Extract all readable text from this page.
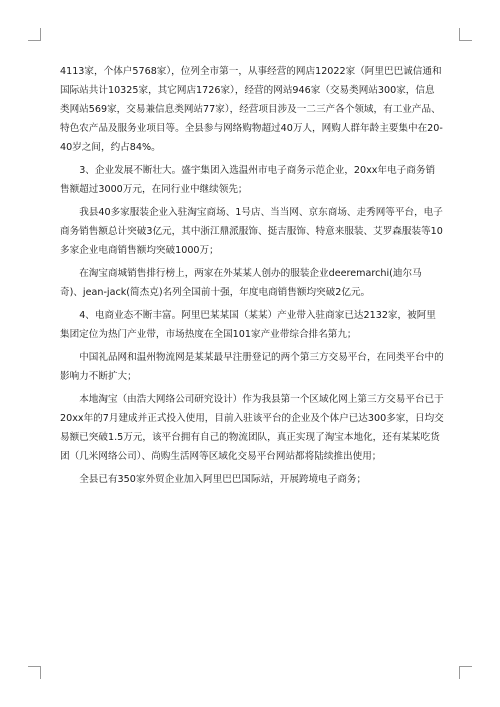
4113家，个体户5768家），位列全市第一，从事经营的网店12022家（阿里巴巴诚信通和国际站共计10325家，其它网店1726家），经营的网站946家（交易类网站300家，信息类网站569家，交易兼信息类网站77家），经营项目涉及一二三产各个领域，有工业产品、特色农产品及服务业项目等。全县参与网络购物超过40万人，网购人群年龄主要集中在20-40岁之间，约占84%。

3、企业发展不断壮大。盛宇集团入选温州市电子商务示范企业，20xx年电子商务销售额超过3000万元，在同行业中继续领先；

我县40多家服装企业入驻淘宝商场、1号店、当当网、京东商场、走秀网等平台，电子商务销售额总计突破3亿元，其中浙江鼎派服饰、挺吉服饰、特意来服装、艾罗森服装等10多家企业电商销售额均突破1000万；

在淘宝商城销售排行榜上，两家在外某某人创办的服装企业deeremarchi(迪尔马奇)、jean-jack(简杰克)名列全国前十强，年度电商销售额均突破2亿元。

4、电商业态不断丰富。阿里巴某某国（某某）产业带入驻商家已达2132家，被阿里集团定位为热门产业带，市场热度在全国101家产业带综合排名第九；

中国礼品网和温州物流网是某某最早注册登记的两个第三方交易平台，在同类平台中的影响力不断扩大；

本地淘宝（由浩大网络公司研究设计）作为我县第一个区域化网上第三方交易平台已于20xx年的7月建成并正式投入使用，目前入驻该平台的企业及个体户已达300多家，日均交易额已突破1.5万元，该平台拥有自己的物流团队，真正实现了淘宝本地化，还有某某吃货团（几米网络公司）、尚购生活网等区域化交易平台网站都将陆续推出使用；

全县已有350家外贸企业加入阿里巴巴国际站，开展跨境电子商务；
